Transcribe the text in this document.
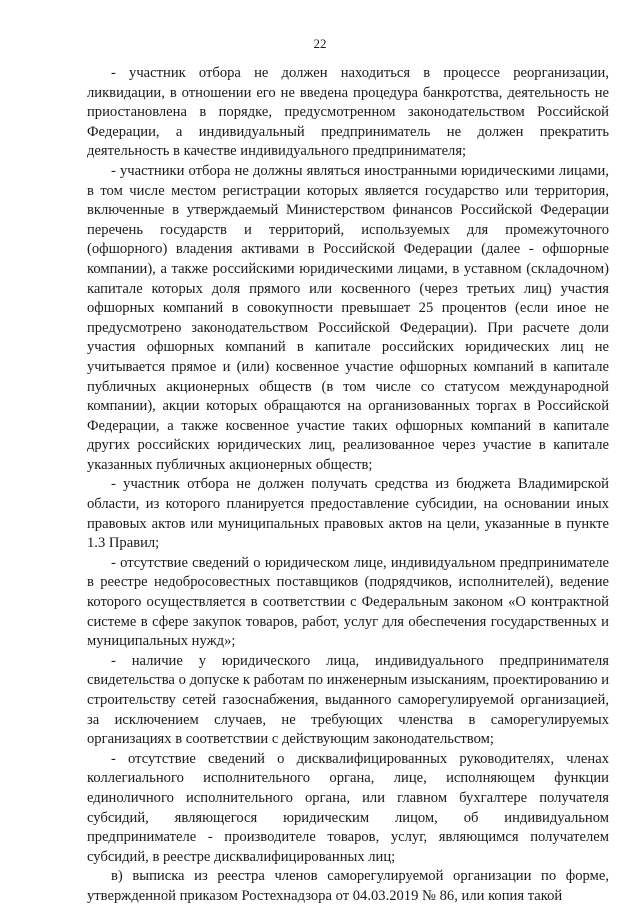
22

- участник отбора не должен находиться в процессе реорганизации, ликвидации, в отношении его не введена процедура банкротства, деятельность не приостановлена в порядке, предусмотренном законодательством Российской Федерации, а индивидуальный предприниматель не должен прекратить деятельность в качестве индивидуального предпринимателя;

- участники отбора не должны являться иностранными юридическими лицами, в том числе местом регистрации которых является государство или территория, включенные в утверждаемый Министерством финансов Российской Федерации перечень государств и территорий, используемых для промежуточного (офшорного) владения активами в Российской Федерации (далее - офшорные компании), а также российскими юридическими лицами, в уставном (складочном) капитале которых доля прямого или косвенного (через третьих лиц) участия офшорных компаний в совокупности превышает 25 процентов (если иное не предусмотрено законодательством Российской Федерации). При расчете доли участия офшорных компаний в капитале российских юридических лиц не учитывается прямое и (или) косвенное участие офшорных компаний в капитале публичных акционерных обществ (в том числе со статусом международной компании), акции которых обращаются на организованных торгах в Российской Федерации, а также косвенное участие таких офшорных компаний в капитале других российских юридических лиц, реализованное через участие в капитале указанных публичных акционерных обществ;

- участник отбора не должен получать средства из бюджета Владимирской области, из которого планируется предоставление субсидии, на основании иных правовых актов или муниципальных правовых актов на цели, указанные в пункте 1.3 Правил;

- отсутствие сведений о юридическом лице, индивидуальном предпринимателе в реестре недобросовестных поставщиков (подрядчиков, исполнителей), ведение которого осуществляется в соответствии с Федеральным законом «О контрактной системе в сфере закупок товаров, работ, услуг для обеспечения государственных и муниципальных нужд»;

- наличие у юридического лица, индивидуального предпринимателя свидетельства о допуске к работам по инженерным изысканиям, проектированию и строительству сетей газоснабжения, выданного саморегулируемой организацией, за исключением случаев, не требующих членства в саморегулируемых организациях в соответствии с действующим законодательством;

- отсутствие сведений о дисквалифицированных руководителях, членах коллегиального исполнительного органа, лице, исполняющем функции единоличного исполнительного органа, или главном бухгалтере получателя субсидий, являющегося юридическим лицом, об индивидуальном предпринимателе - производителе товаров, услуг, являющимся получателем субсидий, в реестре дисквалифицированных лиц;

в) выписка из реестра членов саморегулируемой организации по форме, утвержденной приказом Ростехнадзора от 04.03.2019 № 86, или копия такой
